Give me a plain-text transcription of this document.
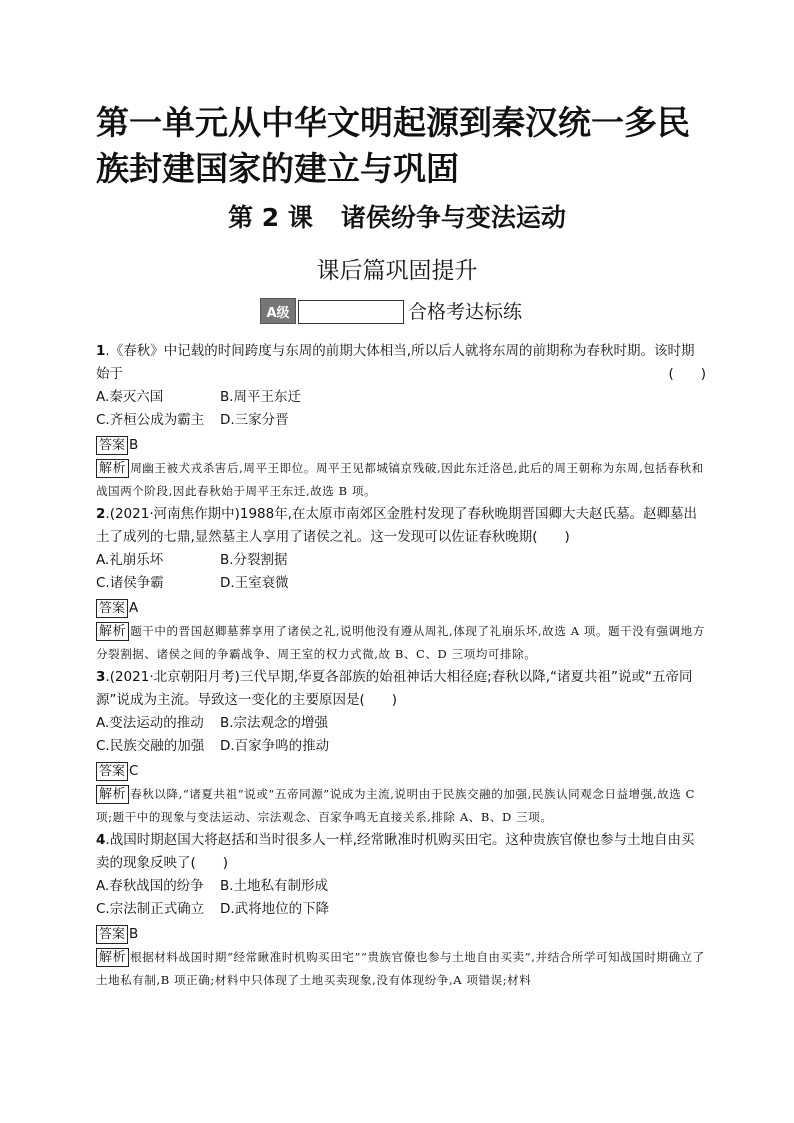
第一单元从中华文明起源到秦汉统一多民族封建国家的建立与巩固
第 2 课 诸侯纷争与变法运动
课后篇巩固提升
A级	合格考达标练

1.《春秋》中记载的时间跨度与东周的前期大体相当,所以后人就将东周的前期称为春秋时期。该时期始于	(　　)

A.秦灭六国	B.周平王东迁
C.齐桓公成为霸主 D.三家分晋
答案 B
解析 周幽王被犬戎杀害后,周平王即位。周平王见都城镐京残破,因此东迁洛邑,此后的周王朝称为东周,包括春秋和战国两个阶段,因此春秋始于周平王东迁,故选 B 项。

2.(2021·河南焦作期中)1988年,在太原市南郊区金胜村发现了春秋晚期晋国卿大夫赵氏墓。赵卿墓出土了成列的七鼎,显然墓主人享用了诸侯之礼。这一发现可以佐证春秋晚期(　　)

A.礼崩乐坏	B.分裂割据
C.诸侯争霸	D.王室衰微
答案 A
解析 题干中的晋国赵卿墓葬享用了诸侯之礼,说明他没有遵从周礼,体现了礼崩乐坏,故选 A 项。题干没有强调地方分裂割据、诸侯之间的争霸战争、周王室的权力式微,故 B、C、D 三项均可排除。

3.(2021·北京朝阳月考)三代早期,华夏各部族的始祖神话大相径庭;春秋以降,“诸夏共祖”说或“五帝同源”说成为主流。导致这一变化的主要原因是(　　)

A.变法运动的推动 B.宗法观念的增强
C.民族交融的加强 D.百家争鸣的推动
答案 C
解析 春秋以降,“诸夏共祖”说或“五帝同源”说成为主流,说明由于民族交融的加强,民族认同观念日益增强,故选 C 项;题干中的现象与变法运动、宗法观念、百家争鸣无直接关系,排除 A、B、D 三项。

4.战国时期赵国大将赵括和当时很多人一样,经常瞅准时机购买田宅。这种贵族官僚也参与土地自由买卖的现象反映了(　　)

A.春秋战国的纷争 B.土地私有制形成
C.宗法制正式确立 D.武将地位的下降
答案 B
解析 根据材料战国时期“经常瞅准时机购买田宅”“贵族官僚也参与土地自由买卖”,并结合所学可知战国时期确立了土地私有制,B 项正确;材料中只体现了土地买卖现象,没有体现纷争,A 项错误;材料
